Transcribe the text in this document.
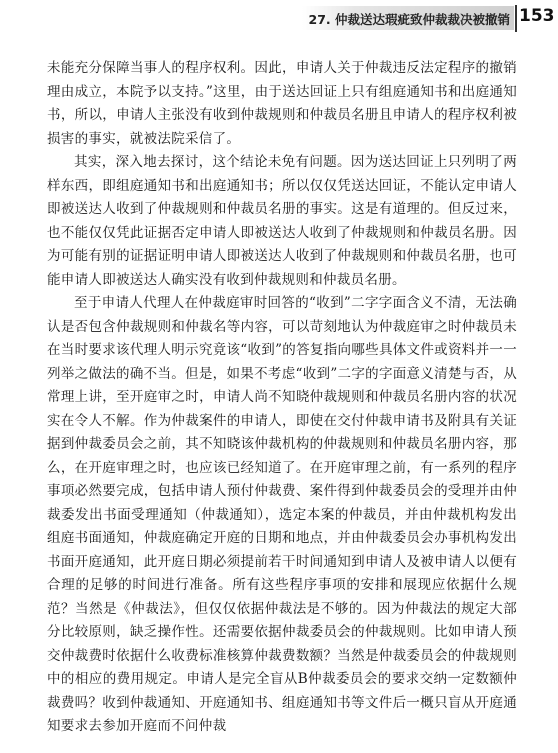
27. 仲裁送达瑕疵致仲裁裁决被撤销 153

未能充分保障当事人的程序权利。因此，申请人关于仲裁违反法定程序的撤销理由成立，本院予以支持。”这里，由于送达回证上只有组庭通知书和出庭通知书，所以，申请人主张没有收到仲裁规则和仲裁员名册且申请人的程序权利被损害的事实，就被法院采信了。

其实，深入地去探讨，这个结论未免有问题。因为送达回证上只列明了两样东西，即组庭通知书和出庭通知书；所以仅仅凭送达回证，不能认定申请人即被送达人收到了仲裁规则和仲裁员名册的事实。这是有道理的。但反过来，也不能仅仅凭此证据否定申请人即被送达人收到了仲裁规则和仲裁员名册。因为可能有别的证据证明申请人即被送达人收到了仲裁规则和仲裁员名册，也可能申请人即被送达人确实没有收到仲裁规则和仲裁员名册。

至于申请人代理人在仲裁庭审时回答的“收到”二字字面含义不清，无法确认是否包含仲裁规则和仲裁名等内容，可以苛刻地认为仲裁庭审之时仲裁员未在当时要求该代理人明示究竟该“收到”的答复指向哪些具体文件或资料并一一列举之做法的确不当。但是，如果不考虑“收到”二字的字面意义清楚与否，从常理上讲，至开庭审之时，申请人尚不知晓仲裁规则和仲裁员名册内容的状况实在令人不解。作为仲裁案件的申请人，即使在交付仲裁申请书及附具有关证据到仲裁委员会之前，其不知晓该仲裁机构的仲裁规则和仲裁员名册内容，那么，在开庭审理之时，也应该已经知道了。在开庭审理之前，有一系列的程序事项必然要完成，包括申请人预付仲裁费、案件得到仲裁委员会的受理并由仲裁委发出书面受理通知（仲裁通知），选定本案的仲裁员，并由仲裁机构发出组庭书面通知，仲裁庭确定开庭的日期和地点，并由仲裁委员会办事机构发出书面开庭通知，此开庭日期必须提前若干时间通知到申请人及被申请人以便有合理的足够的时间进行准备。所有这些程序事项的安排和展现应依据什么规范？当然是《仲裁法》，但仅仅依据仲裁法是不够的。因为仲裁法的规定大部分比较原则，缺乏操作性。还需要依据仲裁委员会的仲裁规则。比如申请人预交仲裁费时依据什么收费标准核算仲裁费数额？当然是仲裁委员会的仲裁规则中的相应的费用规定。申请人是完全盲从B仲裁委员会的要求交纳一定数额仲裁费吗？收到仲裁通知、开庭通知书、组庭通知书等文件后一概只盲从开庭通知要求去参加开庭而不问仲裁
